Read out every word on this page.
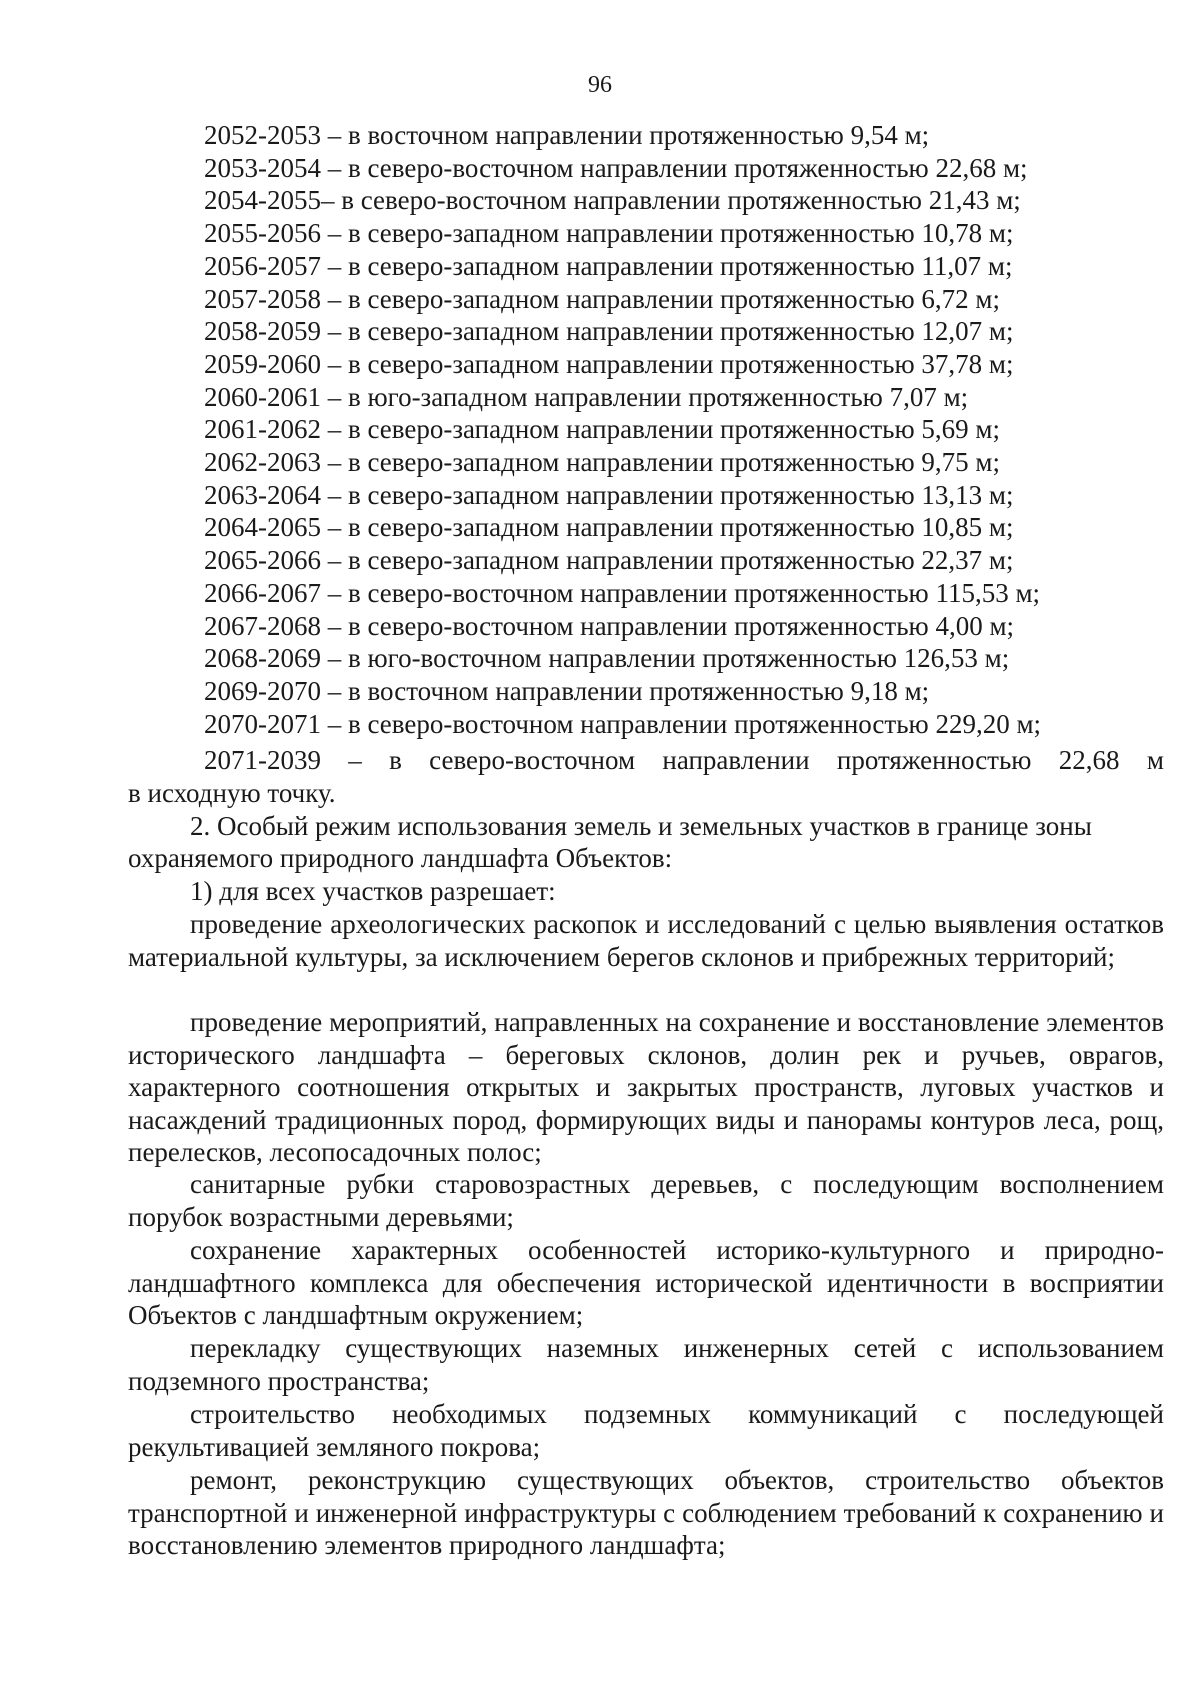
96
2052-2053 – в восточном направлении протяженностью 9,54 м;
2053-2054 – в северо-восточном направлении протяженностью 22,68 м;
2054-2055– в северо-восточном направлении протяженностью 21,43 м;
2055-2056 – в северо-западном направлении протяженностью 10,78 м;
2056-2057 – в северо-западном направлении протяженностью 11,07 м;
2057-2058 – в северо-западном направлении протяженностью 6,72 м;
2058-2059 – в северо-западном направлении протяженностью 12,07 м;
2059-2060 – в северо-западном направлении протяженностью 37,78 м;
2060-2061 – в юго-западном направлении протяженностью 7,07 м;
2061-2062 – в северо-западном направлении протяженностью 5,69 м;
2062-2063 – в северо-западном направлении протяженностью 9,75 м;
2063-2064 – в северо-западном направлении протяженностью 13,13 м;
2064-2065 – в северо-западном направлении протяженностью 10,85 м;
2065-2066 – в северо-западном направлении протяженностью 22,37 м;
2066-2067 – в северо-восточном направлении протяженностью 115,53 м;
2067-2068 – в северо-восточном направлении протяженностью 4,00 м;
2068-2069 – в юго-восточном направлении протяженностью 126,53 м;
2069-2070 – в восточном направлении протяженностью 9,18 м;
2070-2071 – в северо-восточном направлении протяженностью 229,20 м;
2071-2039 – в северо-восточном направлении протяженностью 22,68 м

в исходную точку.

2. Особый режим использования земель и земельных участков в границе зоны

охраняемого природного ландшафта Объектов:

1) для всех участков разрешает:

проведение археологических раскопок и исследований с целью выявления остатков материальной культуры, за исключением берегов склонов и прибрежных территорий;

проведение мероприятий, направленных на сохранение и восстановление элементов исторического ландшафта – береговых склонов, долин рек и ручьев, оврагов, характерного соотношения открытых и закрытых пространств, луговых участков и насаждений традиционных пород, формирующих виды и панорамы контуров леса, рощ, перелесков, лесопосадочных полос;

санитарные рубки старовозрастных деревьев, с последующим восполнением порубок возрастными деревьями;

сохранение характерных особенностей историко-культурного и природно-ландшафтного комплекса для обеспечения исторической идентичности в восприятии Объектов с ландшафтным окружением;

перекладку существующих наземных инженерных сетей с использованием подземного пространства;

строительство необходимых подземных коммуникаций с последующей рекультивацией земляного покрова;

ремонт, реконструкцию существующих объектов, строительство объектов транспортной и инженерной инфраструктуры с соблюдением требований к сохранению и восстановлению элементов природного ландшафта;
